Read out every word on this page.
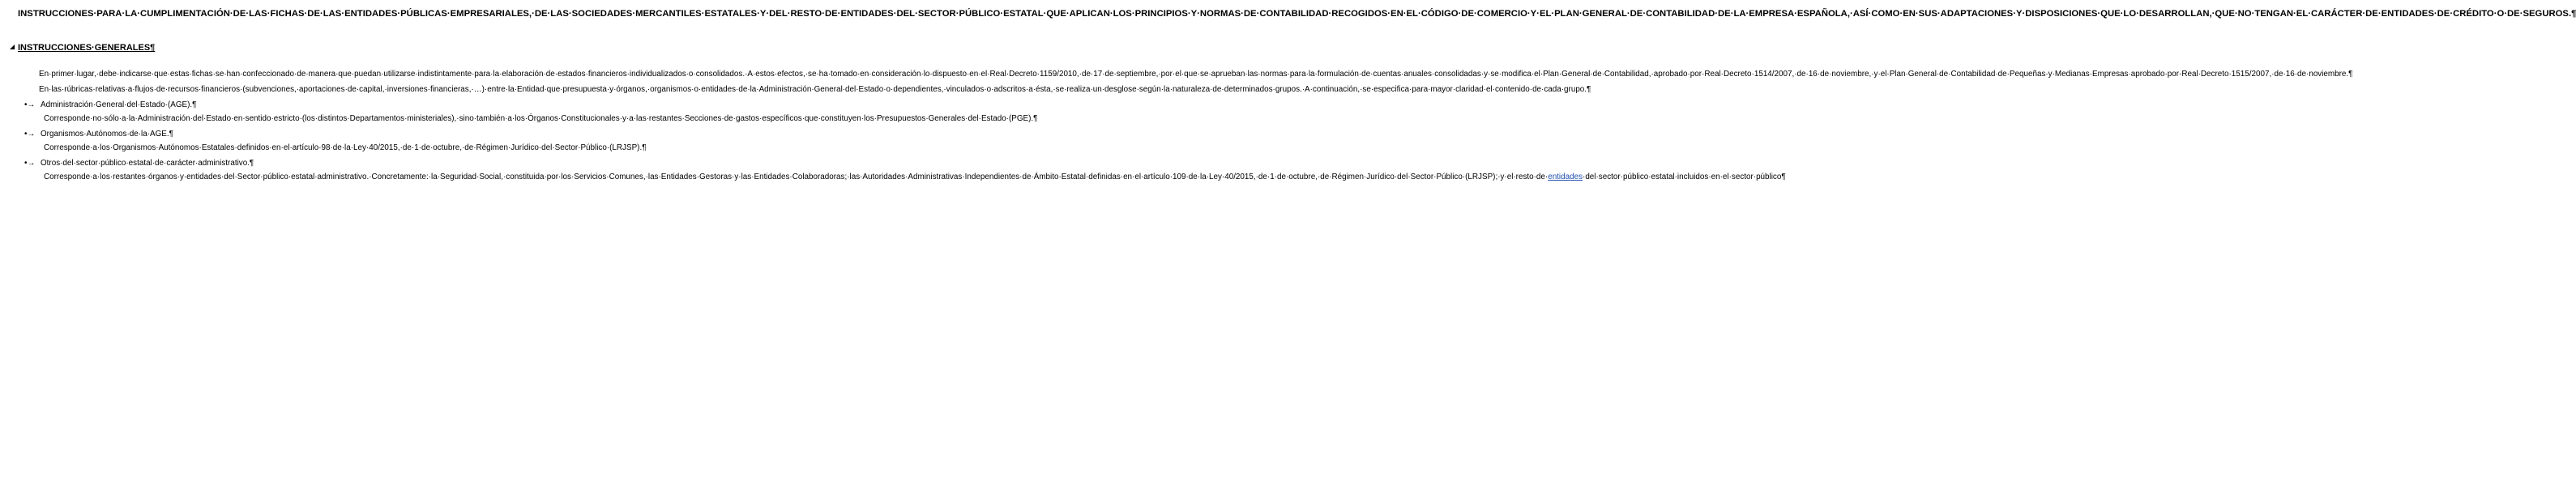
INSTRUCCIONES·PARA·LA·CUMPLIMENTACIÓN·DE·LAS·FICHAS·DE·LAS·ENTIDADES·PÚBLICAS·EMPRESARIALES,·DE·LAS·SOCIEDADES·MERCANTILES·ESTATALES·Y·DEL·RESTO·DE·ENTIDADES·DEL·SECTOR·PÚBLICO·ESTATAL·QUE·APLICAN·LOS·PRINCIPIOS·Y·NORMAS·DE·CONTABILIDAD·RECOGIDOS·EN·EL·CÓDIGO·DE·COMERCIO·Y·EL·PLAN·GENERAL·DE·CONTABILIDAD·DE·LA·EMPRESA·ESPAÑOLA,·ASÍ·COMO·EN·SUS·ADAPTACIONES·Y·DISPOSICIONES·QUE·LO·DESARROLLAN,·QUE·NO·TENGAN·EL·CARÁCTER·DE·ENTIDADES·DE·CRÉDITO·O·DE·SEGUROS.¶

◢ INSTRUCCIONES·GENERALES¶

En·primer·lugar,·debe·indicarse·que·estas·fichas·se·han·confeccionado·de·manera·que·puedan·utilizarse·indistintamente·para·la·elaboración·de·estados·financieros·individualizados·o·consolidados.·A·estos·efectos,·se·ha·tomado·en·consideración·lo·dispuesto·en·el·Real·Decreto·1159/2010,·de·17·de·septiembre,·por·el·que·se·aprueban·las·normas·para·la·formulación·de·cuentas·anuales·consolidadas·y·se·modifica·el·Plan·General·de·Contabilidad,·aprobado·por·Real·Decreto·1514/2007,·de·16·de·noviembre,·y·el·Plan·General·de·Contabilidad·de·Pequeñas·y·Medianas·Empresas·aprobado·por·Real·Decreto·1515/2007,·de·16·de·noviembre.¶

En·las·rúbricas·relativas·a·flujos·de·recursos·financieros·(subvenciones,·aportaciones·de·capital,·inversiones·financieras,·…)·entre·la·Entidad·que·presupuesta·y·órganos,·organismos·o·entidades·de·la·Administración·General·del·Estado·o·dependientes,·vinculados·o·adscritos·a·ésta,·se·realiza·un·desglose·según·la·naturaleza·de·determinados·grupos.·A·continuación,·se·especifica·para·mayor·claridad·el·contenido·de·cada·grupo.¶

•→ Administración·General·del·Estado·(AGE).¶

Corresponde·no·sólo·a·la·Administración·del·Estado·en·sentido·estricto·(los·distintos·Departamentos·ministeriales),·sino·también·a·los·Órganos·Constitucionales·y·a·las·restantes·Secciones·de·gastos·específicos·que·constituyen·los·Presupuestos·Generales·del·Estado·(PGE).¶

•→ Organismos·Autónomos·de·la·AGE.¶

Corresponde·a·los·Organismos·Autónomos·Estatales·definidos·en·el·artículo·98·de·la·Ley·40/2015,·de·1·de·octubre,·de·Régimen·Jurídico·del·Sector·Público·(LRJSP).¶

•→ Otros·del·sector·público·estatal·de·carácter·administrativo.¶

Corresponde·a·los·restantes·órganos·y·entidades·del·Sector·público·estatal·administrativo.·Concretamente:·la·Seguridad·Social,·constituida·por·los·Servicios·Comunes,·las·Entidades·Gestoras·y·las·Entidades·Colaboradoras;·las·Autoridades·Administrativas·Independientes·de·Ámbito·Estatal·definidas·en·el·artículo·109·de·la·Ley·40/2015,·de·1·de·octubre,·de·Régimen·Jurídico·del·Sector·Público·(LRJSP);·y·el·resto·de·entidades·del·sector·público·estatal·incluidos·en·el·sector·público¶
